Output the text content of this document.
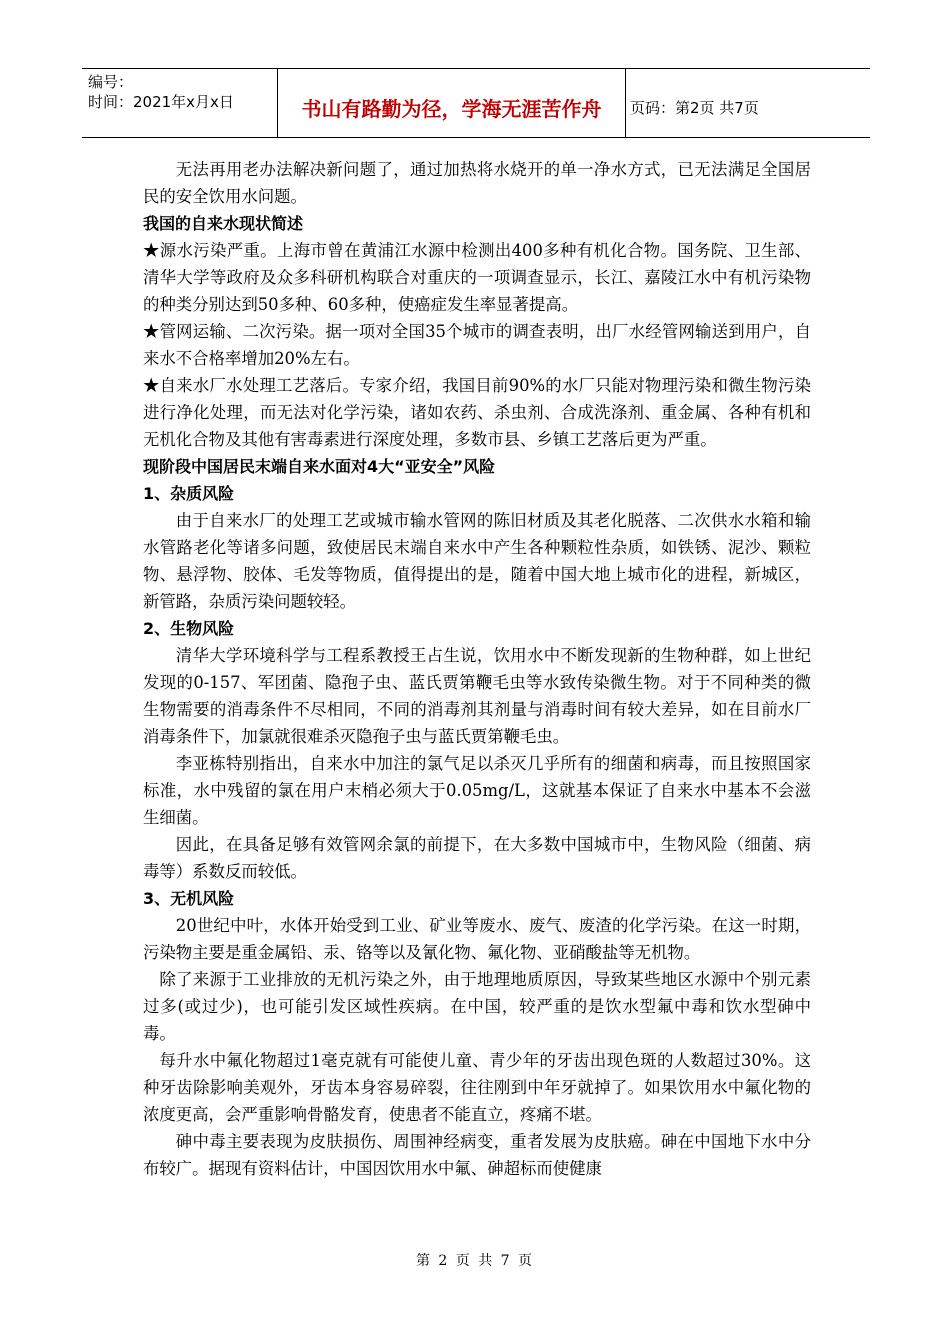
编号：
时间：2021年x月x日	书山有路勤为径，学海无涯苦作舟	页码：第2页 共7页

无法再用老办法解决新问题了，通过加热将水烧开的单一净水方式，已无法满足全国居民的安全饮用水问题。

我国的自来水现状简述

★源水污染严重。上海市曾在黄浦江水源中检测出400多种有机化合物。国务院、卫生部、清华大学等政府及众多科研机构联合对重庆的一项调查显示，长江、嘉陵江水中有机污染物的种类分别达到50多种、60多种，使癌症发生率显著提高。

★管网运输、二次污染。据一项对全国35个城市的调查表明，出厂水经管网输送到用户，自来水不合格率增加20%左右。

★自来水厂水处理工艺落后。专家介绍，我国目前90%的水厂只能对物理污染和微生物污染进行净化处理，而无法对化学污染，诸如农药、杀虫剂、合成洗涤剂、重金属、各种有机和无机化合物及其他有害毒素进行深度处理，多数市县、乡镇工艺落后更为严重。

现阶段中国居民末端自来水面对4大“亚安全”风险

1、杂质风险

由于自来水厂的处理工艺或城市输水管网的陈旧材质及其老化脱落、二次供水水箱和输水管路老化等诸多问题，致使居民末端自来水中产生各种颗粒性杂质，如铁锈、泥沙、颗粒物、悬浮物、胶体、毛发等物质，值得提出的是，随着中国大地上城市化的进程，新城区，新管路，杂质污染问题较轻。

2、生物风险

清华大学环境科学与工程系教授王占生说，饮用水中不断发现新的生物种群，如上世纪发现的0-157、军团菌、隐孢子虫、蓝氏贾第鞭毛虫等水致传染微生物。对于不同种类的微生物需要的消毒条件不尽相同，不同的消毒剂其剂量与消毒时间有较大差异，如在目前水厂消毒条件下，加氯就很难杀灭隐孢子虫与蓝氏贾第鞭毛虫。

李亚栋特别指出，自来水中加注的氯气足以杀灭几乎所有的细菌和病毒，而且按照国家标准，水中残留的氯在用户末梢必须大于0.05mg/L，这就基本保证了自来水中基本不会滋生细菌。

因此，在具备足够有效管网余氯的前提下，在大多数中国城市中，生物风险（细菌、病毒等）系数反而较低。

3、无机风险

20世纪中叶，水体开始受到工业、矿业等废水、废气、废渣的化学污染。在这一时期，污染物主要是重金属铅、汞、铬等以及氰化物、氟化物、亚硝酸盐等无机物。

除了来源于工业排放的无机污染之外，由于地理地质原因，导致某些地区水源中个别元素过多(或过少)，也可能引发区域性疾病。在中国，较严重的是饮水型氟中毒和饮水型砷中毒。

每升水中氟化物超过1毫克就有可能使儿童、青少年的牙齿出现色斑的人数超过30%。这种牙齿除影响美观外，牙齿本身容易碎裂，往往刚到中年牙就掉了。如果饮用水中氟化物的浓度更高，会严重影响骨骼发育，使患者不能直立，疼痛不堪。

砷中毒主要表现为皮肤损伤、周围神经病变，重者发展为皮肤癌。砷在中国地下水中分布较广。据现有资料估计，中国因饮用水中氟、砷超标而使健康

第 2 页 共 7 页
